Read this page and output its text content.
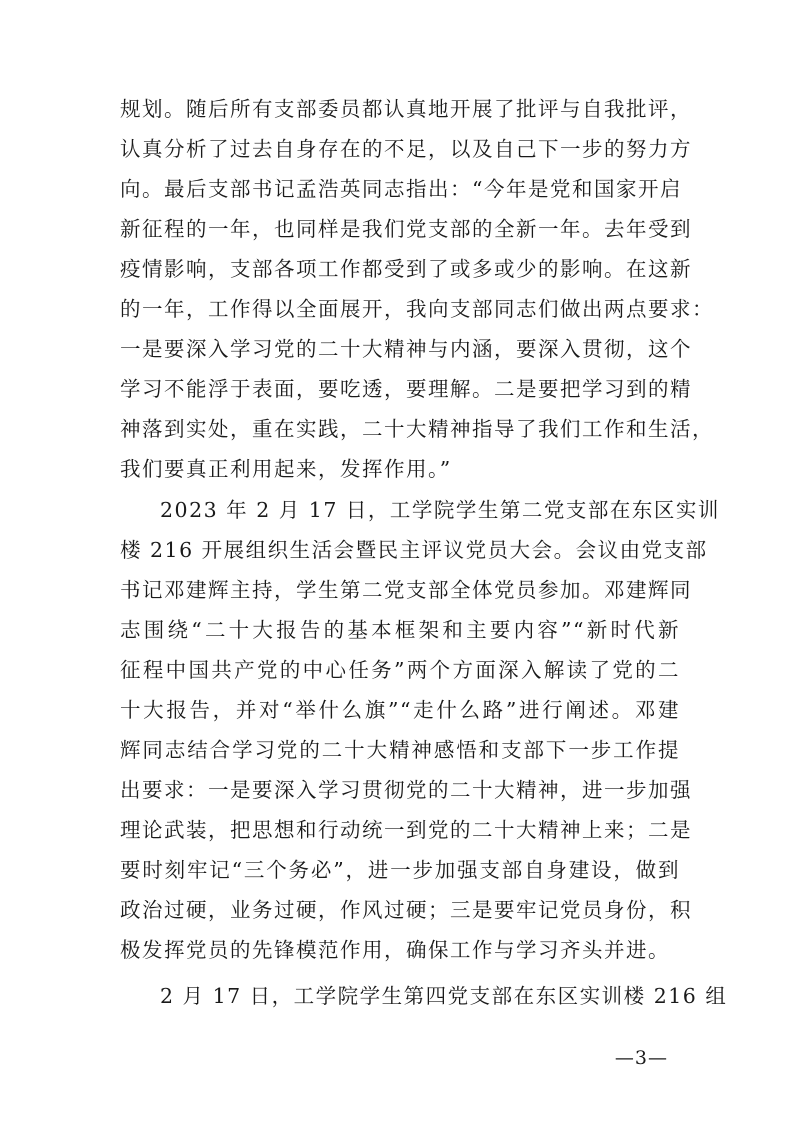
规划。随后所有支部委员都认真地开展了批评与自我批评，
认真分析了过去自身存在的不足，以及自己下一步的努力方
向。最后支部书记孟浩英同志指出：“今年是党和国家开启
新征程的一年，也同样是我们党支部的全新一年。去年受到
疫情影响，支部各项工作都受到了或多或少的影响。在这新
的一年，工作得以全面展开，我向支部同志们做出两点要求：
一是要深入学习党的二十大精神与内涵，要深入贯彻，这个
学习不能浮于表面，要吃透，要理解。二是要把学习到的精
神落到实处，重在实践，二十大精神指导了我们工作和生活，
我们要真正利用起来，发挥作用。”
2023 年 2 月 17 日，工学院学生第二党支部在东区实训
楼 216 开展组织生活会暨民主评议党员大会。会议由党支部
书记邓建辉主持，学生第二党支部全体党员参加。邓建辉同
志围绕“二十大报告的基本框架和主要内容”“新时代新
征程中国共产党的中心任务”两个方面深入解读了党的二
十大报告，并对“举什么旗”“走什么路”进行阐述。邓建
辉同志结合学习党的二十大精神感悟和支部下一步工作提
出要求：一是要深入学习贯彻党的二十大精神，进一步加强
理论武装，把思想和行动统一到党的二十大精神上来；二是
要时刻牢记“三个务必”，进一步加强支部自身建设，做到
政治过硬，业务过硬，作风过硬；三是要牢记党员身份，积
极发挥党员的先锋模范作用，确保工作与学习齐头并进。
2 月 17 日，工学院学生第四党支部在东区实训楼 216 组
—3—
